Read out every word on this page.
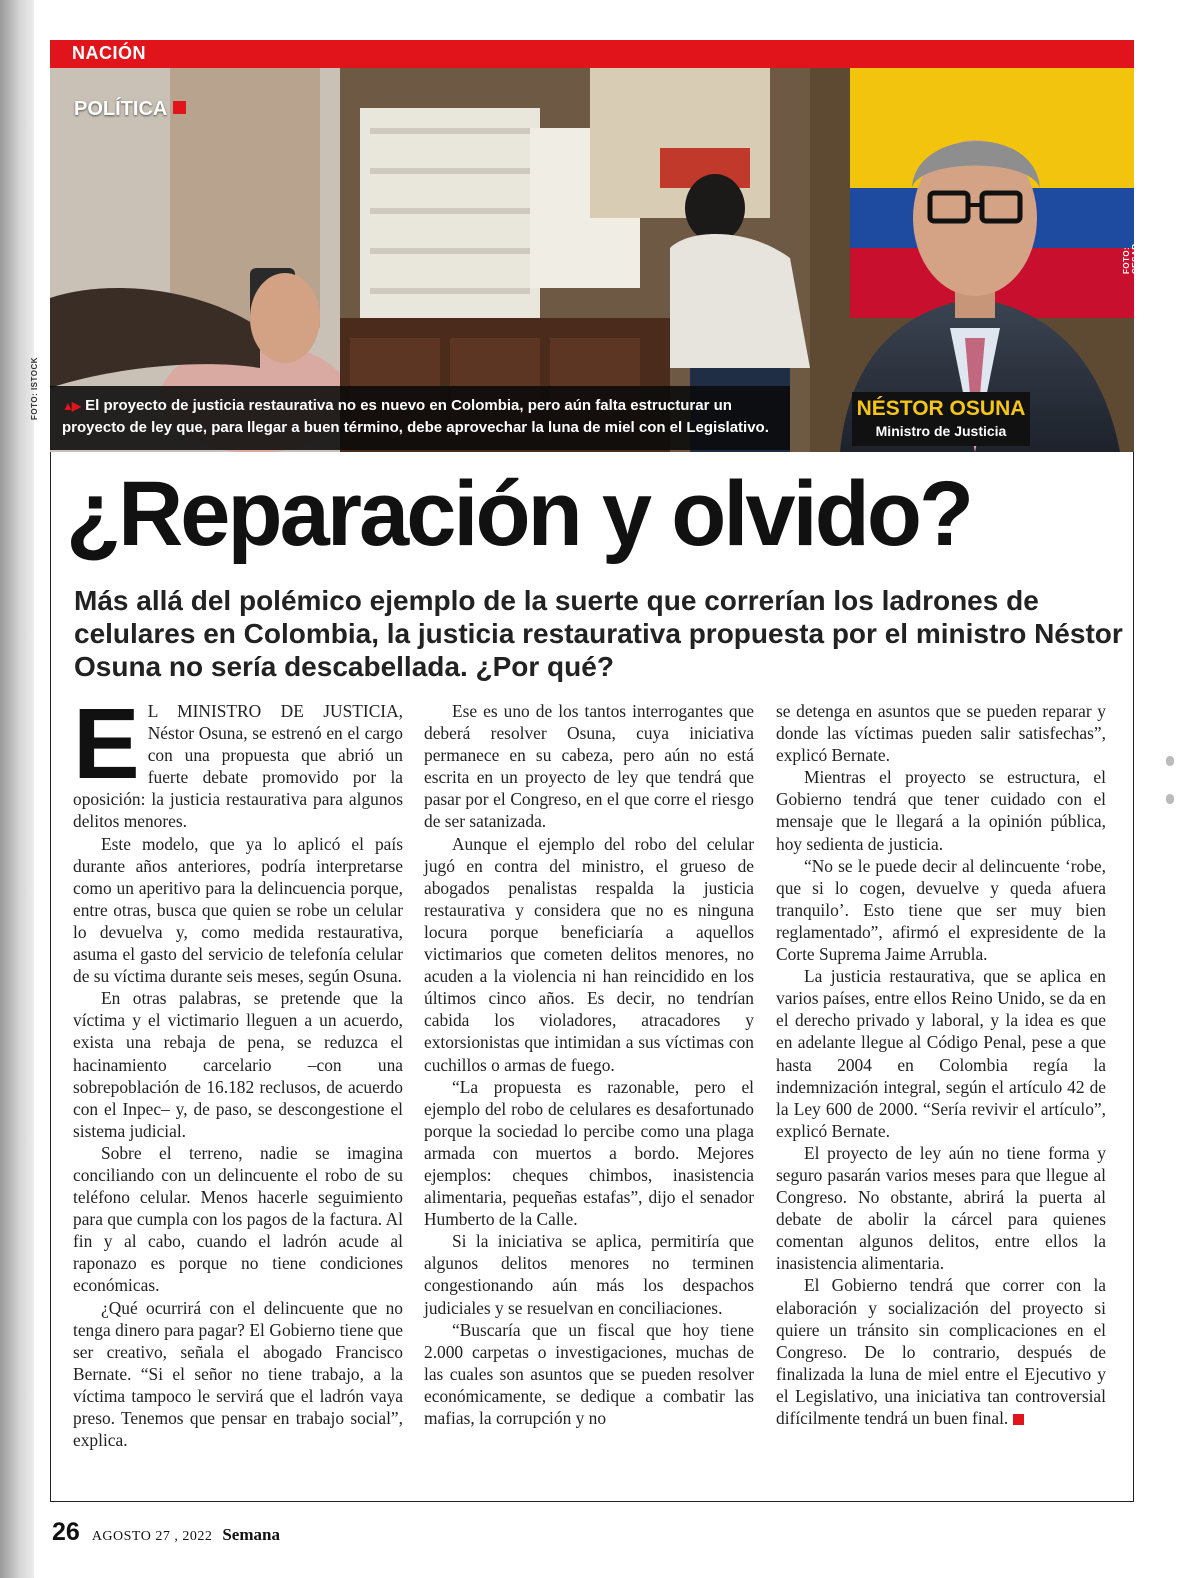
FOTO: ISTOCK
NACIÓN
POLÍTICA
▲▶ El proyecto de justicia restaurativa no es nuevo en Colombia, pero aún falta estructurar un proyecto de ley que, para llegar a buen término, debe aprovechar la luna de miel con el Legislativo.
NÉSTOR OSUNA
Ministro de Justicia
FOTO: CESAR CARRION
¿Reparación y olvido?
Más allá del polémico ejemplo de la suerte que correrían los ladrones de celulares en Colombia, la justicia restaurativa propuesta por el ministro Néstor Osuna no sería descabellada. ¿Por qué?
E L MINISTRO DE JUSTICIA, Néstor Osuna, se estrenó en el cargo con una propuesta que abrió un fuerte debate promovido por la oposición: la justicia restaurativa para algunos delitos menores.

Este modelo, que ya lo aplicó el país durante años anteriores, podría interpretarse como un aperitivo para la delincuencia porque, entre otras, busca que quien se robe un celular lo devuelva y, como medida restaurativa, asuma el gasto del servicio de telefonía celular de su víctima durante seis meses, según Osuna.

En otras palabras, se pretende que la víctima y el victimario lleguen a un acuerdo, exista una rebaja de pena, se reduzca el hacinamiento carcelario –con una sobrepoblación de 16.182 reclusos, de acuerdo con el Inpec– y, de paso, se descongestione el sistema judicial.

Sobre el terreno, nadie se imagina conciliando con un delincuente el robo de su teléfono celular. Menos hacerle seguimiento para que cumpla con los pagos de la factura. Al fin y al cabo, cuando el ladrón acude al raponazo es porque no tiene condiciones económicas.

¿Qué ocurrirá con el delincuente que no tenga dinero para pagar? El Gobierno tiene que ser creativo, señala el abogado Francisco Bernate. “Si el señor no tiene trabajo, a la víctima tampoco le servirá que el ladrón vaya preso. Tenemos que pensar en trabajo social”, explica.

Ese es uno de los tantos interrogantes que deberá resolver Osuna, cuya iniciativa permanece en su cabeza, pero aún no está escrita en un proyecto de ley que tendrá que pasar por el Congreso, en el que corre el riesgo de ser satanizada.

Aunque el ejemplo del robo del celular jugó en contra del ministro, el grueso de abogados penalistas respalda la justicia restaurativa y considera que no es ninguna locura porque beneficiaría a aquellos victimarios que cometen delitos menores, no acuden a la violencia ni han reincidido en los últimos cinco años. Es decir, no tendrían cabida los violadores, atracadores y extorsionistas que intimidan a sus víctimas con cuchillos o armas de fuego.

“La propuesta es razonable, pero el ejemplo del robo de celulares es desafortunado porque la sociedad lo percibe como una plaga armada con muertos a bordo. Mejores ejemplos: cheques chimbos, inasistencia alimentaria, pequeñas estafas”, dijo el senador Humberto de la Calle.

Si la iniciativa se aplica, permitiría que algunos delitos menores no terminen congestionando aún más los despachos judiciales y se resuelvan en conciliaciones.

“Buscaría que un fiscal que hoy tiene 2.000 carpetas o investigaciones, muchas de las cuales son asuntos que se pueden resolver económicamente, se dedique a combatir las mafias, la corrupción y no

se detenga en asuntos que se pueden reparar y donde las víctimas pueden salir satisfechas”, explicó Bernate.

Mientras el proyecto se estructura, el Gobierno tendrá que tener cuidado con el mensaje que le llegará a la opinión pública, hoy sedienta de justicia.

“No se le puede decir al delincuente ‘robe, que si lo cogen, devuelve y queda afuera tranquilo’. Esto tiene que ser muy bien reglamentado”, afirmó el expresidente de la Corte Suprema Jaime Arrubla.

La justicia restaurativa, que se aplica en varios países, entre ellos Reino Unido, se da en el derecho privado y laboral, y la idea es que en adelante llegue al Código Penal, pese a que hasta 2004 en Colombia regía la indemnización integral, según el artículo 42 de la Ley 600 de 2000. “Sería revivir el artículo”, explicó Bernate.

El proyecto de ley aún no tiene forma y seguro pasarán varios meses para que llegue al Congreso. No obstante, abrirá la puerta al debate de abolir la cárcel para quienes comentan algunos delitos, entre ellos la inasistencia alimentaria.

El Gobierno tendrá que correr con la elaboración y socialización del proyecto si quiere un tránsito sin complicaciones en el Congreso. De lo contrario, después de finalizada la luna de miel entre el Ejecutivo y el Legislativo, una iniciativa tan controversial difícilmente tendrá un buen final.

26 AGOSTO 27 , 2022 Semana
